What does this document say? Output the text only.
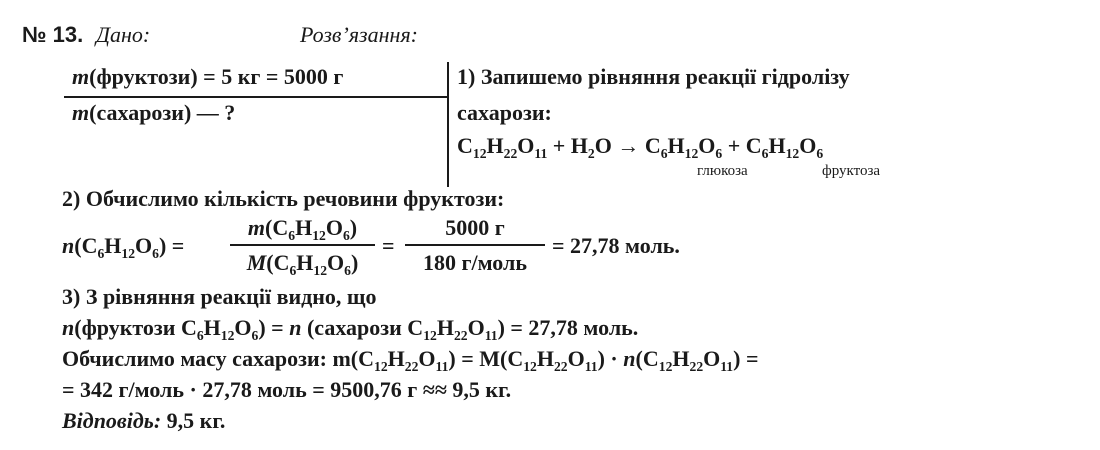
№ 13. Дано:	Розв’язання:
m(фруктози) = 5 кг = 5000 г
m(сахарози) — ?
1) Запишемо рівняння реакції гідролізу
сахарози:
$C_{12}H_{22}O_{11} + H_2O \to C_6H_{12}O_6 + C_6H_{12}O_6$
глюкоза	фруктоза
2) Обчислимо кількість речовини фруктози:
$n(C_6H_{12}O_6)$ =
$m(C_6H_{12}O_6)$
$M(C_6H_{12}O_6)$
=
5000 г
180 г/моль
= 27,78 моль.
3) З рівняння реакції видно, що
n(фруктози $C_6H_{12}O_6) = n$ (сахарози $C_{12}H_{22}O_{11}) = 27,78$ моль.
Обчислимо масу сахарози: $m(C_{12}H_{22}O_{11}) = M(C_{12}H_{22}O_{11}) \cdot n(C_{12}H_{22}O_{11})$ =
= 342 г/моль · 27,78 моль = 9500,76 г ≈≈ 9,5 кг.
Відповідь: 9,5 кг.
